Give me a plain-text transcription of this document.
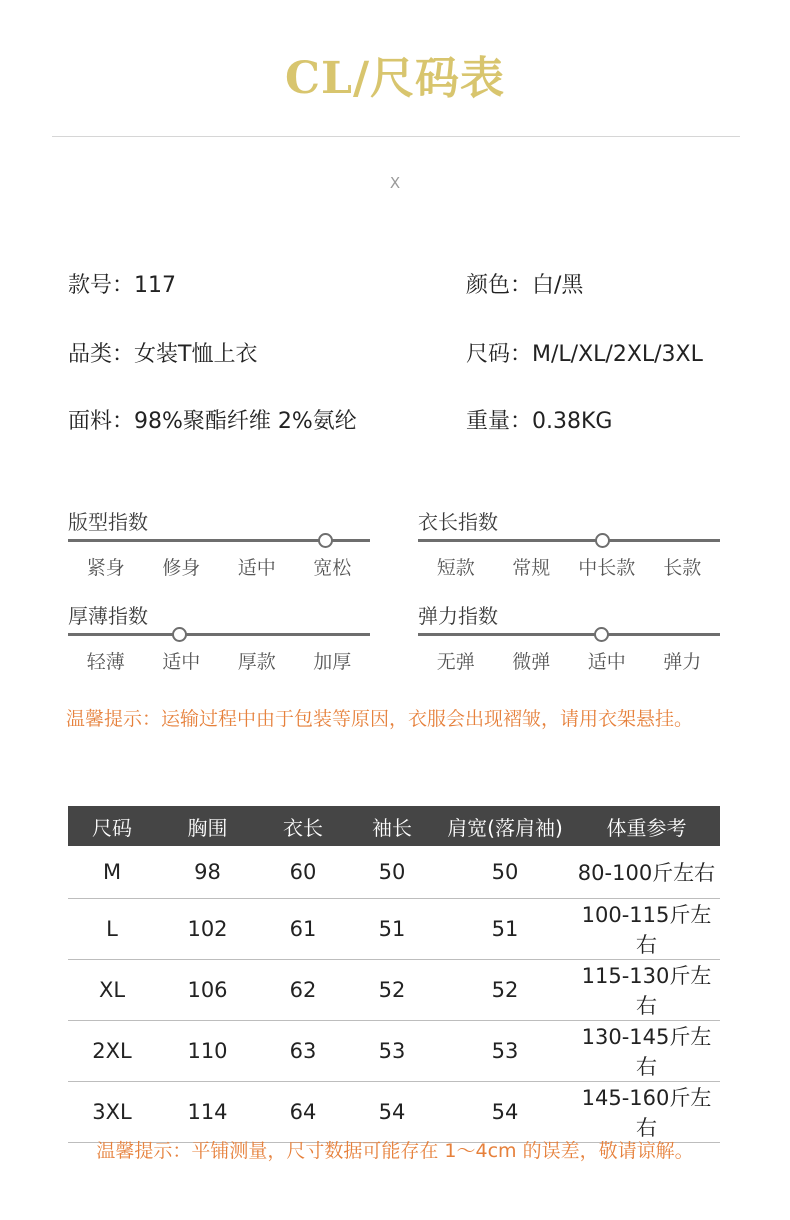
CL/尺码表
X
款号：117	颜色：白/黑
品类：女装T恤上衣	尺码：M/L/XL/2XL/3XL
面料：98%聚酯纤维 2%氨纶	重量：0.38KG
版型指数
紧身	修身	适中	宽松
衣长指数
短款	常规	中长款	长款
厚薄指数
轻薄	适中	厚款	加厚
弹力指数
无弹	微弹	适中	弹力
温馨提示：运输过程中由于包装等原因，衣服会出现褶皱，请用衣架悬挂。
尺码	胸围	衣长	袖长	肩宽(落肩袖)	体重参考
M	98	60	50	50	80-100斤左右
L	102	61	51	51	100-115斤左右
XL	106	62	52	52	115-130斤左右
2XL	110	63	53	53	130-145斤左右
3XL	114	64	54	54	145-160斤左右
温馨提示：平铺测量，尺寸数据可能存在 1～4cm 的误差，敬请谅解。
